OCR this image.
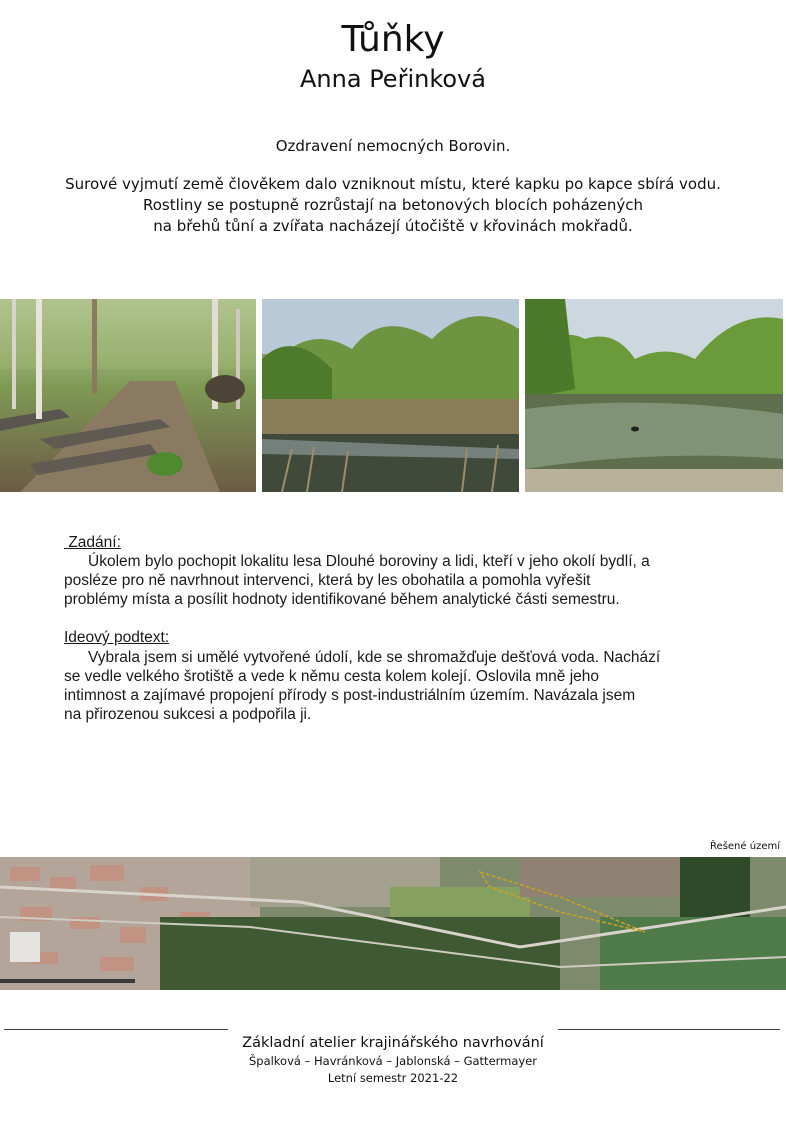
Tůňky
Anna Peřinková
Ozdravení nemocných Borovin.
Surové vyjmutí země člověkem dalo vzniknout místu, které kapku po kapce sbírá vodu.
Rostliny se postupně rozrůstají na betonových blocích poházených
na břehů tůní a zvířata nacházejí útočiště v křovinách mokřadů.
Zadání:
Úkolem bylo pochopit lokalitu lesa Dlouhé boroviny a lidi, kteří v jeho okolí bydlí, a
posléze pro ně navrhnout intervenci, která by les obohatila a pomohla vyřešit
problémy místa a posílit hodnoty identifikované během analytické části semestru.
Ideový podtext:
Vybrala jsem si umělé vytvořené údolí, kde se shromažďuje dešťová voda. Nachází
se vedle velkého šrotiště a vede k němu cesta kolem kolejí. Oslovila mně jeho
intimnost a zajímavé propojení přírody s post-industriálním územím. Navázala jsem
na přirozenou sukcesi a podpořila ji.
Řešené území
Základní atelier krajinářského navrhování
Špalková – Havránková – Jablonská – Gattermayer
Letní semestr 2021-22
